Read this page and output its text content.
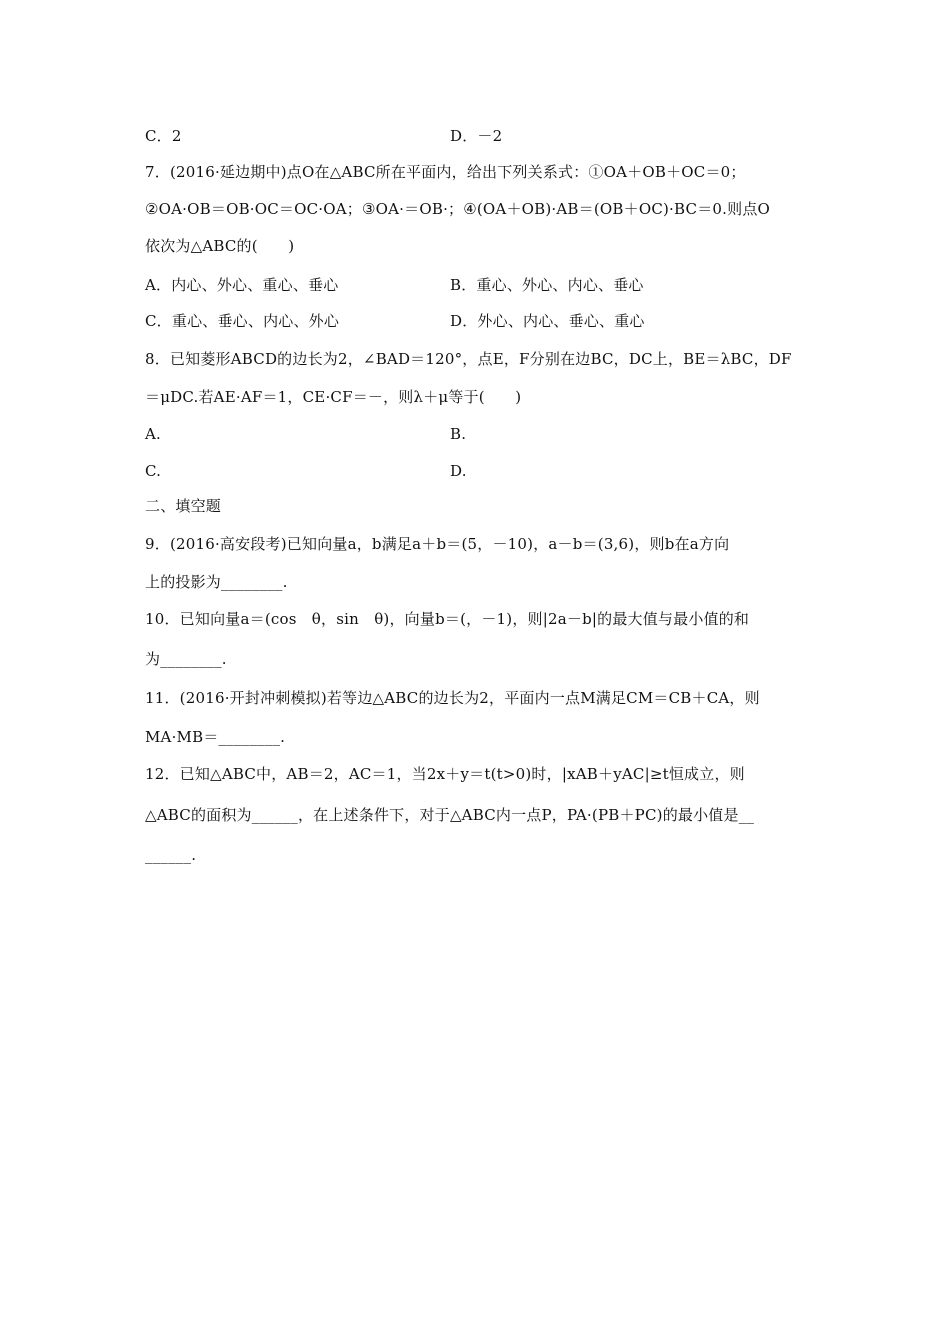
C．2	D．－2
7．(2016·延边期中)点O在△ABC所在平面内，给出下列关系式：①OA＋OB＋OC＝0；
②OA·OB＝OB·OC＝OC·OA；③OA·＝OB·；④(OA＋OB)·AB＝(OB＋OC)·BC＝0.则点O
依次为△ABC的(　　)
A．内心、外心、重心、垂心	B．重心、外心、内心、垂心
C．重心、垂心、内心、外心	D．外心、内心、垂心、重心
8．已知菱形ABCD的边长为2，∠BAD＝120°，点E，F分别在边BC，DC上，BE＝λBC，DF
＝μDC.若AE·AF＝1，CE·CF＝－，则λ＋μ等于(　　)
A.	B.
C.	D.
二、填空题
9．(2016·高安段考)已知向量a，b满足a＋b＝(5，－10)，a－b＝(3,6)，则b在a方向
上的投影为________.
10．已知向量a＝(cos　θ，sin　θ)，向量b＝(，－1)，则|2a－b|的最大值与最小值的和
为________.
11．(2016·开封冲刺模拟)若等边△ABC的边长为2，平面内一点M满足CM＝CB＋CA，则
MA·MB＝________.
12．已知△ABC中，AB＝2，AC＝1，当2x＋y＝t(t>0)时，|xAB＋yAC|≥t恒成立，则
△ABC的面积为______，在上述条件下，对于△ABC内一点P，PA·(PB＋PC)的最小值是__
______.
